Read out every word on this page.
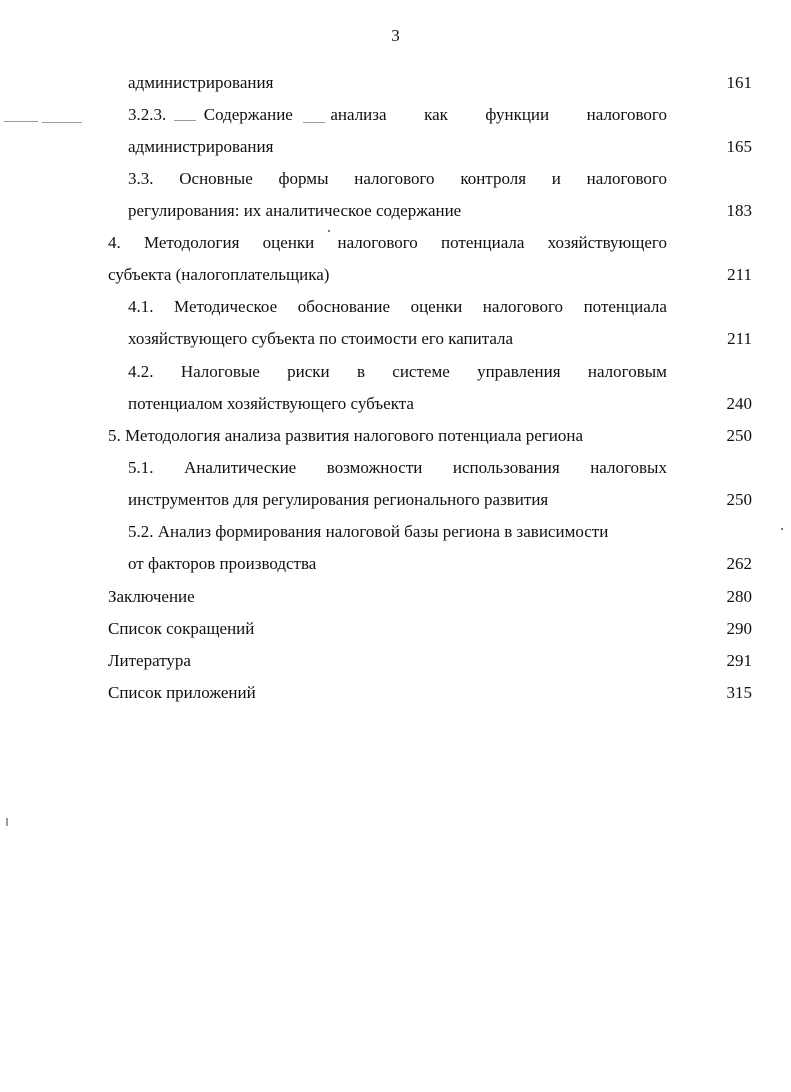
3
администрирования	161
3.2.3. Содержание анализа как функции налогового
администрирования	165
3.3. Основные формы налогового контроля и налогового
регулирования: их аналитическое содержание	183
4. Методология оценки налогового потенциала хозяйствующего
субъекта (налогоплательщика)	211
4.1. Методическое обоснование оценки налогового потенциала
хозяйствующего субъекта по стоимости его капитала	211
4.2. Налоговые риски в системе управления налоговым
потенциалом хозяйствующего субъекта	240
5. Методология анализа развития налогового потенциала региона	250
5.1. Аналитические возможности использования налоговых
инструментов для регулирования регионального развития	250
5.2. Анализ формирования налоговой базы региона в зависимости
от факторов производства	262
Заключение	280
Список сокращений	290
Литература	291
Список приложений	315
